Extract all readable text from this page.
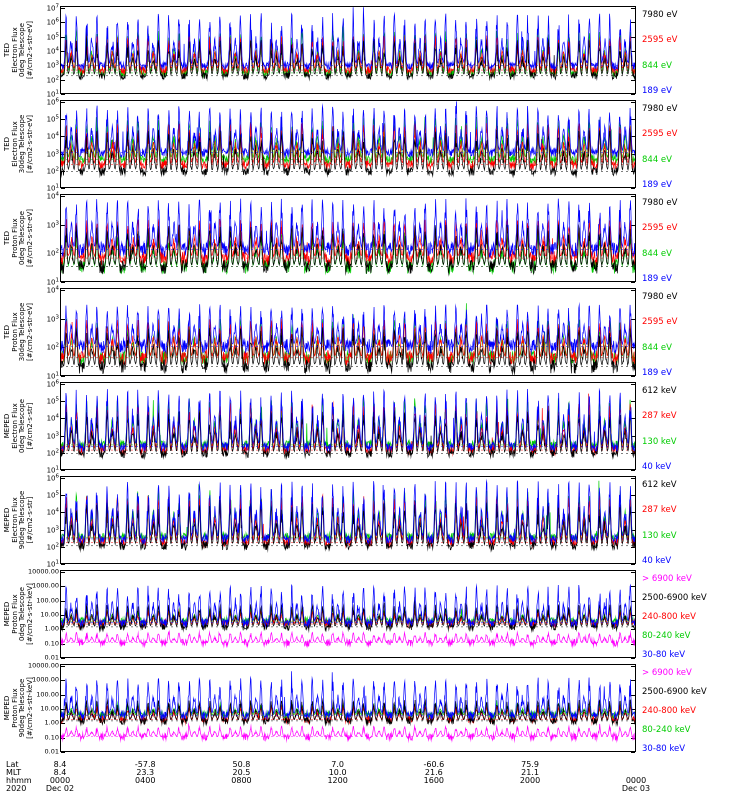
$10^7$
$10^6$
$10^5$
$10^4$
$10^3$
$10^2$
$10^1$
TED Electron Flux 0deg Telescope [#/cm2-s-str-eV]
7980 eV
2595 eV
844 eV
189 eV
$10^6$
$10^5$
$10^4$
$10^3$
$10^2$
$10^1$
TED Electron Flux 30deg Telescope [#/cm2-s-str-eV]
7980 eV
2595 eV
844 eV
189 eV
$10^4$
$10^3$
$10^2$
$10^1$
TED Proton Flux 0deg Telescope [#/cm2-s-str-eV]
7980 eV
2595 eV
844 eV
189 eV
$10^4$
$10^3$
$10^2$
$10^1$
TED Proton Flux 30deg Telescope [#/cm2-s-str-eV]
7980 eV
2595 eV
844 eV
189 eV
$10^6$
$10^5$
$10^4$
$10^3$
$10^2$
$10^1$
MEPED Electron Flux 0deg Telescope [#/cm2-s-str]
612 keV
287 keV
130 keV
40 keV
$10^6$
$10^5$
$10^4$
$10^3$
$10^2$
$10^1$
MEPED Electron Flux 90deg Telescope [#/cm2-s-str]
612 keV
287 keV
130 keV
40 keV
10000.00
1000.00
100.00
10.00
1.00
0.10
0.01
MEPED Proton Flux 0deg Telescope [#/cm2-s-str-keV]
> 6900 keV
2500-6900 keV
240-800 keV
80-240 keV
30-80 keV
10000.00
1000.00
100.00
10.00
1.00
0.10
0.01
MEPED Proton Flux 90deg Telescope [#/cm2-s-str-keV]
> 6900 keV
2500-6900 keV
240-800 keV
80-240 keV
30-80 keV
Lat
MLT
hhmm
2020
8.4
8.4
0000
Dec 02
-57.8
23.3
0400
50.8
20.5
0800
7.0
10.0
1200
-60.6
21.6
1600
75.9
21.1
2000	0000
Dec 03
